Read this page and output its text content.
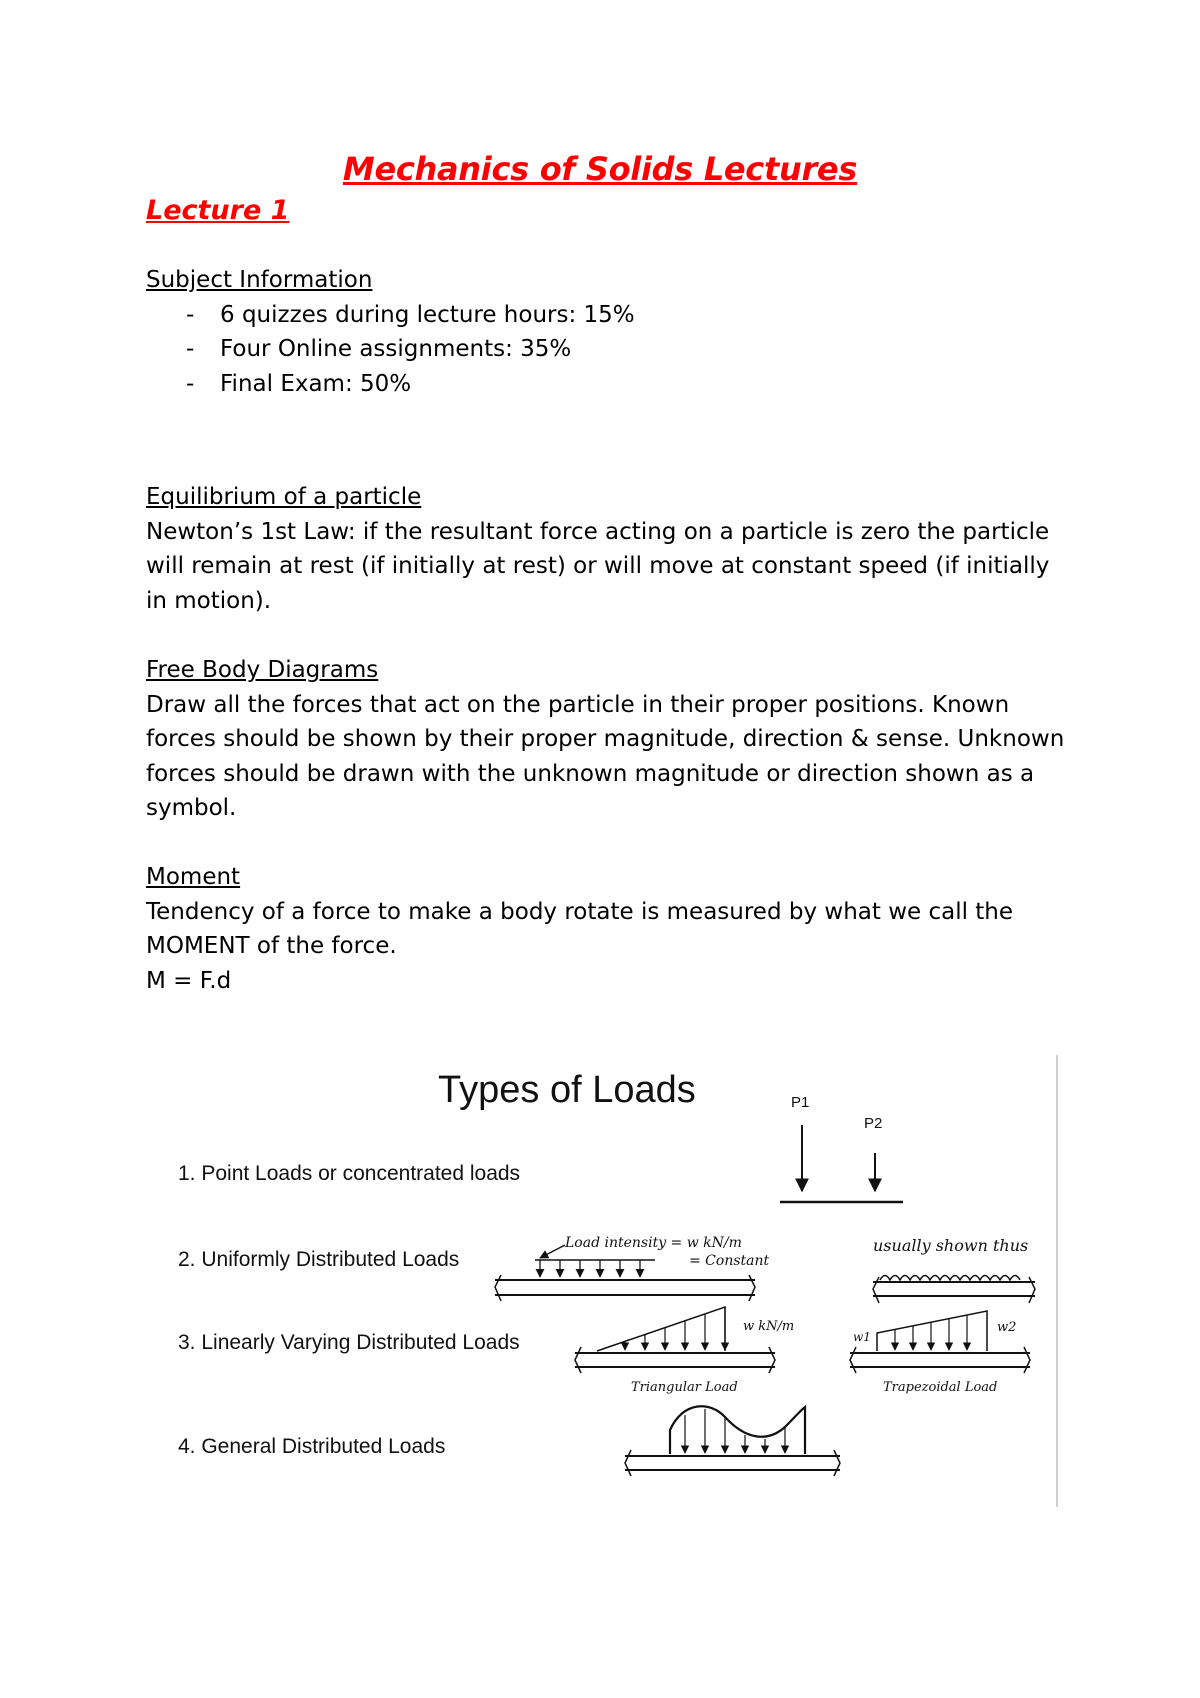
Mechanics of Solids Lectures
Lecture 1
Subject Information
- 6 quizzes during lecture hours: 15%
- Four Online assignments: 35%
- Final Exam: 50%
Equilibrium of a particle
Newton’s 1st Law: if the resultant force acting on a particle is zero the particle will remain at rest (if initially at rest) or will move at constant speed (if initially in motion).
Free Body Diagrams
Draw all the forces that act on the particle in their proper positions. Known forces should be shown by their proper magnitude, direction & sense. Unknown forces should be drawn with the unknown magnitude or direction shown as a symbol.
Moment
Tendency of a force to make a body rotate is measured by what we call the MOMENT of the force.
M = F.d
Types of Loads
1. Point Loads or concentrated loads
2. Uniformly Distributed Loads
3. Linearly Varying Distributed Loads
4. General Distributed Loads
P1
P2
Load intensity = w kN/m
= Constant
usually shown thus
w kN/m
Triangular Load
w1
w2
Trapezoidal Load
